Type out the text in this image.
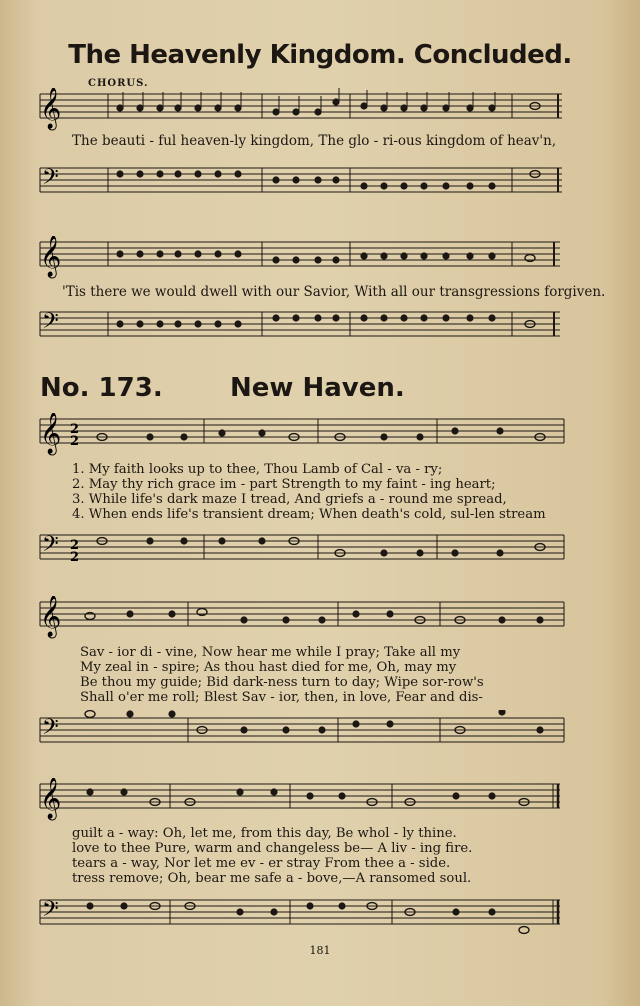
The Heavenly Kingdom. Concluded.
CHORUS.
𝄞
The beauti - ful heaven-ly kingdom, The glo - ri-ous kingdom of heav'n,
𝄢
𝄞
'Tis there we would dwell with our Savior, With all our transgressions forgiven.
𝄢
No. 173.	New Haven.
𝄞 2
2
1. My faith looks up to thee, Thou Lamb of Cal - va - ry;
2. May thy rich grace im - part Strength to my faint - ing heart;
3. While life's dark maze I tread, And griefs a - round me spread,
4. When ends life's transient dream; When death's cold, sul-len stream
𝄢 2
2
𝄞
Sav - ior di - vine, Now hear me while I pray; Take all my
My zeal in - spire; As thou hast died for me, Oh, may my
Be thou my guide; Bid dark-ness turn to day; Wipe sor-row's
Shall o'er me roll; Blest Sav - ior, then, in love, Fear and dis-
𝄢
𝄞
guilt a - way: Oh, let me, from this day, Be whol - ly thine.
love to thee Pure, warm and changeless be— A liv - ing fire.
tears a - way, Nor let me ev - er stray From thee a - side.
tress remove; Oh, bear me safe a - bove,—A ransomed soul.
𝄢
181
